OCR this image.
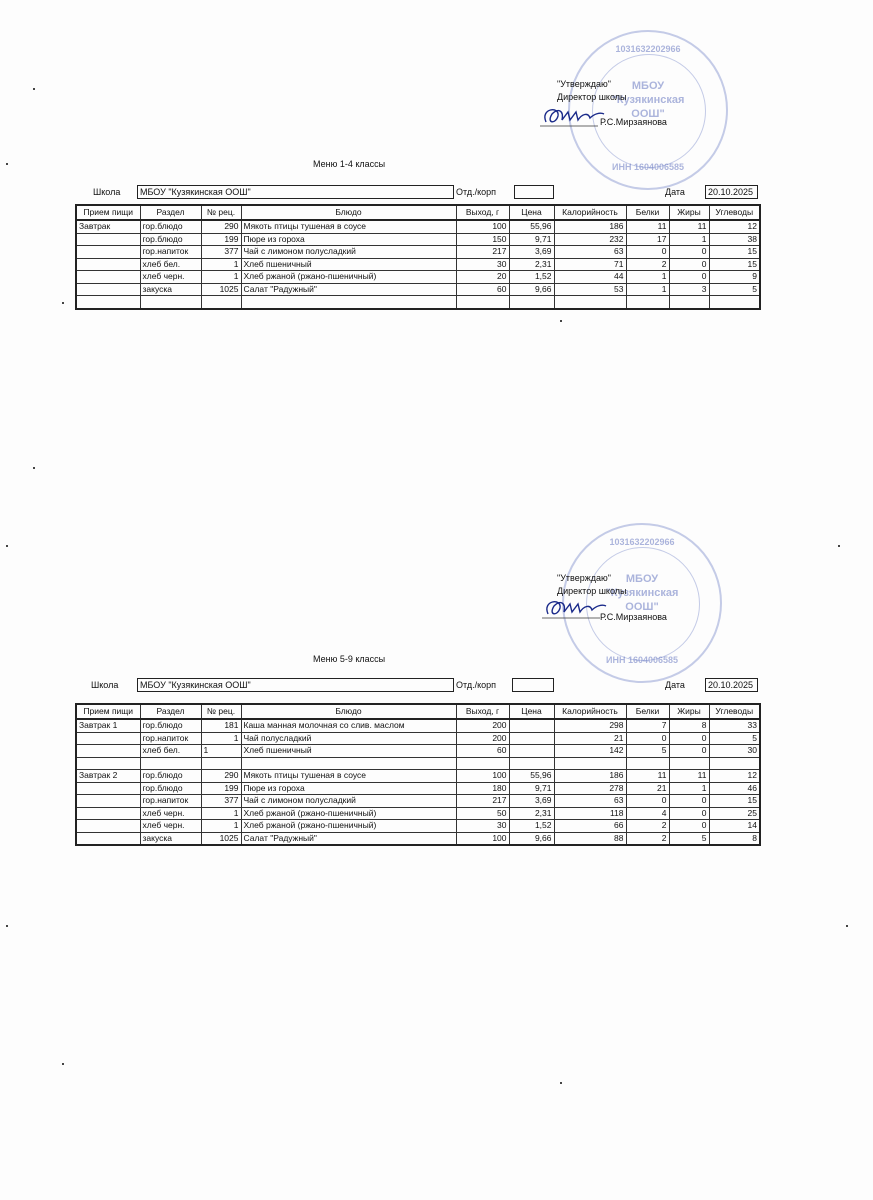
1031632202966
МБОУ
"Кузякинская
ООШ"
ИНН 1604006585
"Утверждаю"
Директор школы
Р.С.Мирзаянова
Меню 1-4 классы
Школа	МБОУ "Кузякинская ООШ"	Отд./корп	Дата	20.10.2025
Прием пищи	Раздел	№ рец.	Блюдо	Выход, г	Цена	Калорийность	Белки	Жиры	Углеводы
Завтрак	гор.блюдо	290	Мякоть птицы тушеная в соусе	100	55,96	186	11	11	12
	гор.блюдо	199	Пюре из гороха	150	9,71	232	17	1	38
	гор.напиток	377	Чай с лимоном полусладкий	217	3,69	63	0	0	15
	хлеб бел.	1	Хлеб пшеничный	30	2,31	71	2	0	15
	хлеб черн.	1	Хлеб ржаной (ржано-пшеничный)	20	1,52	44	1	0	9
	закуска	1025	Салат "Радужный"	60	9,66	53	1	3	5

1031632202966
МБОУ
"Кузякинская
ООШ"
ИНН 1604006585
"Утверждаю"
Директор школы
Р.С.Мирзаянова
Меню 5-9 классы
Школа	МБОУ "Кузякинская ООШ"	Отд./корп	Дата	20.10.2025
Прием пищи	Раздел	№ рец.	Блюдо	Выход, г	Цена	Калорийность	Белки	Жиры	Углеводы
Завтрак 1	гор.блюдо	181	Каша манная молочная со слив. маслом	200		298	7	8	33
	гор.напиток	1	Чай полусладкий	200		21	0	0	5
	хлеб бел.	1	Хлеб пшеничный	60		142	5	0	30

Завтрак 2	гор.блюдо	290	Мякоть птицы тушеная в соусе	100	55,96	186	11	11	12
	гор.блюдо	199	Пюре из гороха	180	9,71	278	21	1	46
	гор.напиток	377	Чай с лимоном полусладкий	217	3,69	63	0	0	15
	хлеб черн.	1	Хлеб ржаной (ржано-пшеничный)	50	2,31	118	4	0	25
	хлеб черн.	1	Хлеб ржаной (ржано-пшеничный)	30	1,52	66	2	0	14
	закуска	1025	Салат "Радужный"	100	9,66	88	2	5	8
